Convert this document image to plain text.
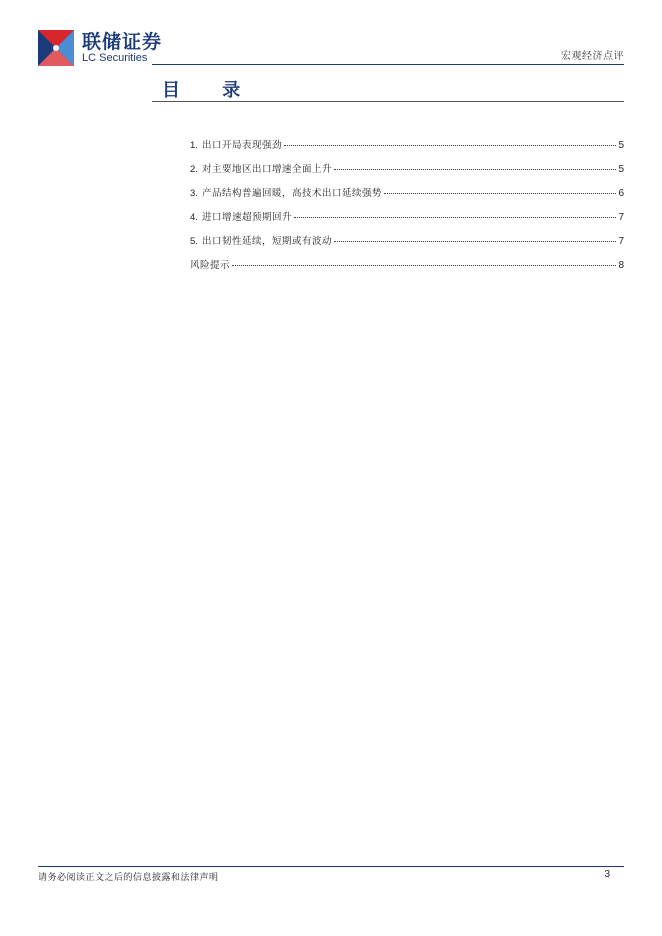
联储证券
LC Securities	宏观经济点评
目 录
1. 出口开局表现强劲	5
2. 对主要地区出口增速全面上升	5
3. 产品结构普遍回暖，高技术出口延续强势	6
4. 进口增速超预期回升	7
5. 出口韧性延续，短期或有波动	7
风险提示	8
请务必阅读正文之后的信息披露和法律声明	3
